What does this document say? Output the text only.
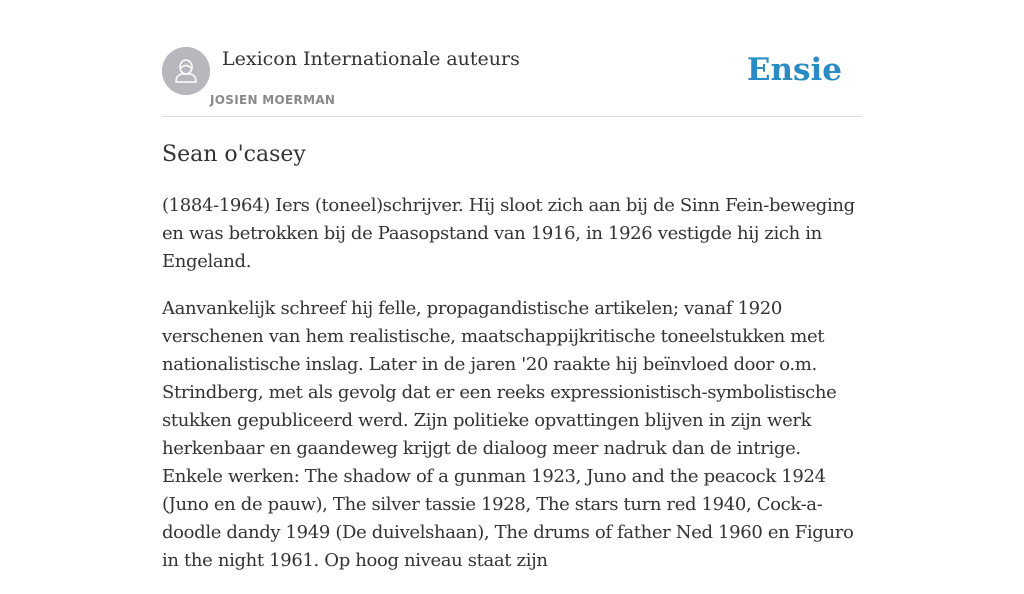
Lexicon Internationale auteurs
JOSIEN MOERMAN
Ensie
Sean o'casey

(1884-1964) Iers (toneel)schrijver. Hij sloot zich aan bij de Sinn Fein-beweging en was betrokken bij de Paasopstand van 1916, in 1926 vestigde hij zich in Engeland.

Aanvankelijk schreef hij felle, propagandistische artikelen; vanaf 1920 verschenen van hem realistische, maatschappijkritische toneelstukken met nationalistische inslag. Later in de jaren '20 raakte hij beïnvloed door o.m. Strindberg, met als gevolg dat er een reeks expressionistisch-symbolistische stukken gepubliceerd werd. Zijn politieke opvattingen blijven in zijn werk herkenbaar en gaandeweg krijgt de dialoog meer nadruk dan de intrige. Enkele werken: The shadow of a gunman 1923, Juno and the peacock 1924 (Juno en de pauw), The silver tassie 1928, The stars turn red 1940, Cock-a-doodle dandy 1949 (De duivelshaan), The drums of father Ned 1960 en Figuro in the night 1961. Op hoog niveau staat zijn
